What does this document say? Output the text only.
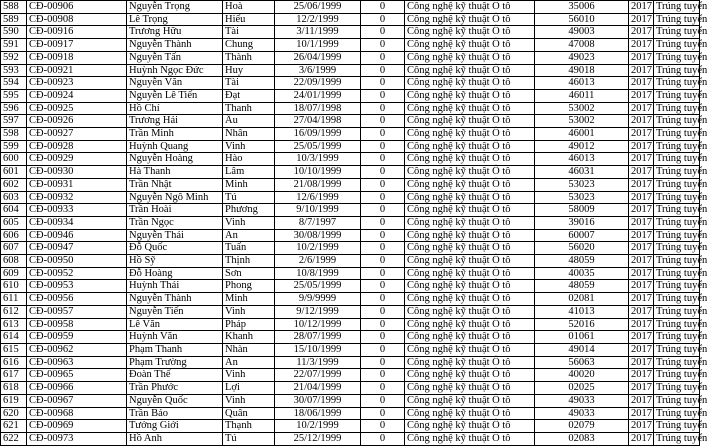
588	CĐ-00906	Nguyễn Trọng	Hoà	25/06/1999	0	Công nghệ kỹ thuật Ô tô	35006	2017	Trúng tuyển
589	CĐ-00908	Lê Trọng	Hiếu	12/2/1999	0	Công nghệ kỹ thuật Ô tô	56010	2017	Trúng tuyển
590	CĐ-00916	Trương Hữu	Tài	3/11/1999	0	Công nghệ kỹ thuật Ô tô	49003	2017	Trúng tuyển
591	CĐ-00917	Nguyễn Thành	Chung	10/1/1999	0	Công nghệ kỹ thuật Ô tô	47008	2017	Trúng tuyển
592	CĐ-00918	Nguyễn Tấn	Thành	26/04/1999	0	Công nghệ kỹ thuật Ô tô	49023	2017	Trúng tuyển
593	CĐ-00921	Huỳnh Ngọc Đức	Huy	3/6/1999	0	Công nghệ kỹ thuật Ô tô	49018	2017	Trúng tuyển
594	CĐ-00923	Nguyễn Văn	Tài	22/09/1999	0	Công nghệ kỹ thuật Ô tô	46013	2017	Trúng tuyển
595	CĐ-00924	Nguyễn Lê Tiến	Đạt	24/01/1999	0	Công nghệ kỹ thuật Ô tô	46011	2017	Trúng tuyển
596	CĐ-00925	Hồ Chí	Thanh	18/07/1998	0	Công nghệ kỹ thuật Ô tô	53002	2017	Trúng tuyển
597	CĐ-00926	Trương Hải	Âu	27/04/1998	0	Công nghệ kỹ thuật Ô tô	53002	2017	Trúng tuyển
598	CĐ-00927	Trần Minh	Nhân	16/09/1999	0	Công nghệ kỹ thuật Ô tô	46001	2017	Trúng tuyển
599	CĐ-00928	Huỳnh Quang	Vinh	25/05/1999	0	Công nghệ kỹ thuật Ô tô	49012	2017	Trúng tuyển
600	CĐ-00929	Nguyễn Hoàng	Hào	10/3/1999	0	Công nghệ kỹ thuật Ô tô	46013	2017	Trúng tuyển
601	CĐ-00930	Hà Thanh	Lâm	10/10/1999	0	Công nghệ kỹ thuật Ô tô	46031	2017	Trúng tuyển
602	CĐ-00931	Trần Nhật	Minh	21/08/1999	0	Công nghệ kỹ thuật Ô tô	53023	2017	Trúng tuyển
603	CĐ-00932	Nguyễn Ngô Minh	Tú	12/6/1999	0	Công nghệ kỹ thuật Ô tô	53023	2017	Trúng tuyển
604	CĐ-00933	Trần Hoài	Phương	9/10/1999	0	Công nghệ kỹ thuật Ô tô	58009	2017	Trúng tuyển
605	CĐ-00934	Trần Ngọc	Vinh	8/7/1997	0	Công nghệ kỹ thuật Ô tô	39016	2017	Trúng tuyển
606	CĐ-00946	Nguyễn Thái	An	30/08/1999	0	Công nghệ kỹ thuật Ô tô	60007	2017	Trúng tuyển
607	CĐ-00947	Đỗ Quốc	Tuấn	10/2/1999	0	Công nghệ kỹ thuật Ô tô	56020	2017	Trúng tuyển
608	CĐ-00950	Hồ Sỹ	Thịnh	2/6/1999	0	Công nghệ kỹ thuật Ô tô	48059	2017	Trúng tuyển
609	CĐ-00952	Đỗ Hoàng	Sơn	10/8/1999	0	Công nghệ kỹ thuật Ô tô	40035	2017	Trúng tuyển
610	CĐ-00953	Huỳnh Thái	Phong	25/05/1999	0	Công nghệ kỹ thuật Ô tô	48059	2017	Trúng tuyển
611	CĐ-00956	Nguyễn Thành	Minh	9/9/9999	0	Công nghệ kỹ thuật Ô tô	02081	2017	Trúng tuyển
612	CĐ-00957	Nguyễn Tiến	Vinh	9/12/1999	0	Công nghệ kỹ thuật Ô tô	41013	2017	Trúng tuyển
613	CĐ-00958	Lê Văn	Pháp	10/12/1999	0	Công nghệ kỹ thuật Ô tô	52016	2017	Trúng tuyển
614	CĐ-00959	Huỳnh Văn	Khanh	28/07/1999	0	Công nghệ kỹ thuật Ô tô	01061	2017	Trúng tuyển
615	CĐ-00962	Phạm Thanh	Nhàn	15/10/1999	0	Công nghệ kỹ thuật Ô tô	49014	2017	Trúng tuyển
616	CĐ-00963	Phạm Trường	An	11/3/1999	0	Công nghệ kỹ thuật Ô tô	56063	2017	Trúng tuyển
617	CĐ-00965	Đoàn Thế	Vinh	22/07/1999	0	Công nghệ kỹ thuật Ô tô	40020	2017	Trúng tuyển
618	CĐ-00966	Trần Phước	Lợi	21/04/1999	0	Công nghệ kỹ thuật Ô tô	02025	2017	Trúng tuyển
619	CĐ-00967	Nguyễn Quốc	Vinh	30/07/1999	0	Công nghệ kỹ thuật Ô tô	49033	2017	Trúng tuyển
620	CĐ-00968	Trần Bảo	Quân	18/06/1999	0	Công nghệ kỹ thuật Ô tô	49033	2017	Trúng tuyển
621	CĐ-00969	Tưởng Giới	Thạnh	10/2/1999	0	Công nghệ kỹ thuật Ô tô	02079	2017	Trúng tuyển
622	CĐ-00973	Hồ Anh	Tú	25/12/1999	0	Công nghệ kỹ thuật Ô tô	02083	2017	Trúng tuyển
